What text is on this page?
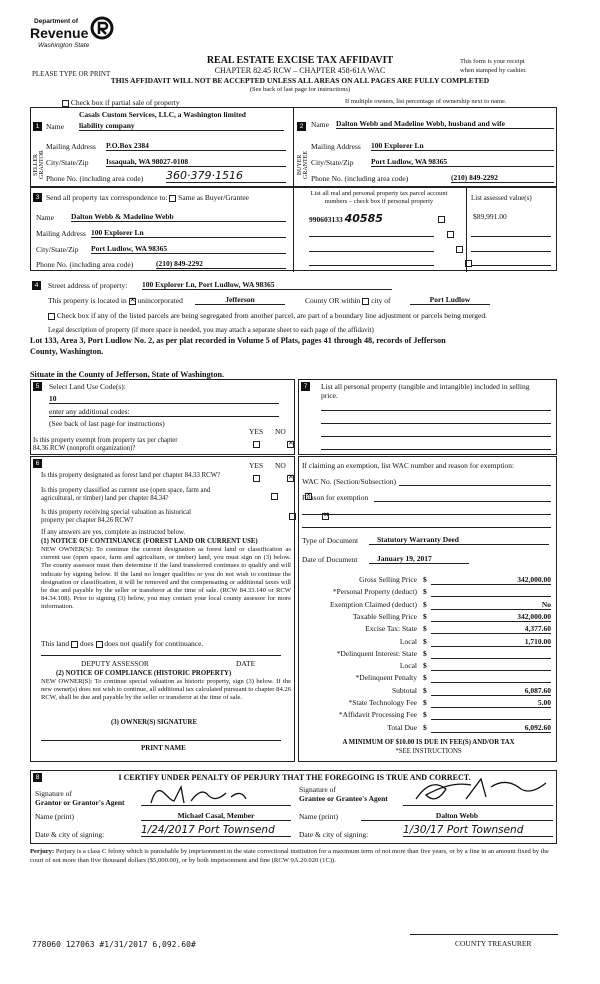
Department of
Revenue
Washington State
REAL ESTATE EXCISE TAX AFFIDAVIT
CHAPTER 82.45 RCW – CHAPTER 458-61A WAC
THIS AFFIDAVIT WILL NOT BE ACCEPTED UNLESS ALL AREAS ON ALL PAGES ARE FULLY COMPLETED
(See back of last page for instructions)
PLEASE TYPE OR PRINT
This form is your receipt
when stamped by cashier.
Check box if partial sale of property	If multiple owners, list percentage of ownership next to name.
1	2
SELLER GRANTOR	BUYER GRANTEE
Casals Custom Services, LLC, a Washington limited
Name liability company	Name Dalton Webb and Madeline Webb, husband and wife
Mailing Address P.O.Box 2384
City/State/Zip Issaquah, WA 98027-0108
Phone No. (including area code) 360·379·1516
Mailing Address 100 Explorer Ln
City/State/Zip Port Ludlow, WA 98365
Phone No. (including area code)	(210) 849-2292
3 Send all property tax correspondence to: Same as Buyer/Grantee
Name Dalton Webb & Madeline Webb
Mailing Address 100 Explorer Ln
City/State/Zip Port Ludlow, WA 98365
Phone No. (including area code)	(210) 849-2292
List all real and personal property tax parcel account
numbers – check box if personal property	List assessed value(s)
990603133 40585
	$89,991.00
4	Street address of property: 100 Explorer Ln, Port Ludlow, WA 98365
This property is located in ✕ unincorporated	Jefferson	County OR within city of	Port Ludlow
Check box if any of the listed parcels are being segregated from another parcel, are part of a boundary line adjustment or parcels being merged.
Legal description of property (if more space is needed, you may attach a separate sheet to each page of the affidavit)
Lot 133, Area 3, Port Ludlow No. 2, as per plat recorded in Volume 5 of Plats, pages 41 through 48, records of Jefferson
County, Washington.
Situate in the County of Jefferson, State of Washington.
5	Select Land Use Code(s):
10
enter any additional codes:
(See back of last page for instructions)
YES NO
Is this property exempt from property tax per chapter
84.36 RCW (nonprofit organization)?
✕
7	List all personal property (tangible and intangible) included in selling
price.
6	YES NO
Is this property designated as forest land per chapter 84.33 RCW?
✕
Is this property classified as current use (open space, farm and
agricultural, or timber) land per chapter 84.34?
✕
Is this property receiving special valuation as historical
property per chapter 84.26 RCW?
✕
If any answers are yes, complete as instructed below.
(1) NOTICE OF CONTINUANCE (FOREST LAND OR CURRENT USE)
NEW OWNER(S): To continue the current designation as forest land or classification as current use (open space, farm and agriculture, or timber) land, you must sign on (3) below. The county assessor must then determine if the land transferred continues to qualify and will indicate by signing below. If the land no longer qualifies or you do not wish to continue the designation or classification, it will be removed and the compensating or additional taxes will be due and payable by the seller or transferor at the time of sale. (RCW 84.33.140 or RCW 84.34.108). Prior to signing (3) below, you may contact your local county assessor for more information.
This land does does not qualify for continuance.
DEPUTY ASSESSOR	DATE
(2) NOTICE OF COMPLIANCE (HISTORIC PROPERTY)
NEW OWNER(S): To continue special valuation as historic property, sign (3) below. If the new owner(s) does not wish to continue, all additional tax calculated pursuant to chapter 84.26 RCW, shall be due and payable by the seller or transferor at the time of sale.
(3) OWNER(S) SIGNATURE
PRINT NAME
If claiming an exemption, list WAC number and reason for exemption:
WAC No. (Section/Subsection)
Reason for exemption
Type of Document	Statutory Warranty Deed
Date of Document	January 19, 2017
Gross Selling Price $	342,000.00
*Personal Property (deduct) $
Exemption Claimed (deduct) $	No
Taxable Selling Price $	342,000.00
Excise Tax: State $	4,377.60
Local $	1,710.00
*Delinquent Interest: State $
Local $
*Delinquent Penalty $
Subtotal $	6,087.60
*State Technology Fee $	5.00
*Affidavit Processing Fee $
Total Due $	6,092.60
A MINIMUM OF $10.00 IS DUE IN FEE(S) AND/OR TAX
*SEE INSTRUCTIONS
8	I CERTIFY UNDER PENALTY OF PERJURY THAT THE FOREGOING IS TRUE AND CORRECT.
Signature of
Grantor or Grantor's Agent
Signature of
Grantee or Grantee's Agent
Name (print)	Michael Casal, Member	Name (print)	Dalton Webb
Date & city of signing:	1/24/2017 Port Townsend	Date & city of signing:	1/30/17 Port Townsend
Perjury: Perjury is a class C felony which is punishable by imprisonment in the state correctional institution for a maximum term of not more than five years, or by a fine in an amount fixed by the court of not more than five thousand dollars ($5,000.00), or by both imprisonment and fine (RCW 9A.20.020 (1C)).
778060 127063 #1/31/2017 6,092.60#	COUNTY TREASURER
